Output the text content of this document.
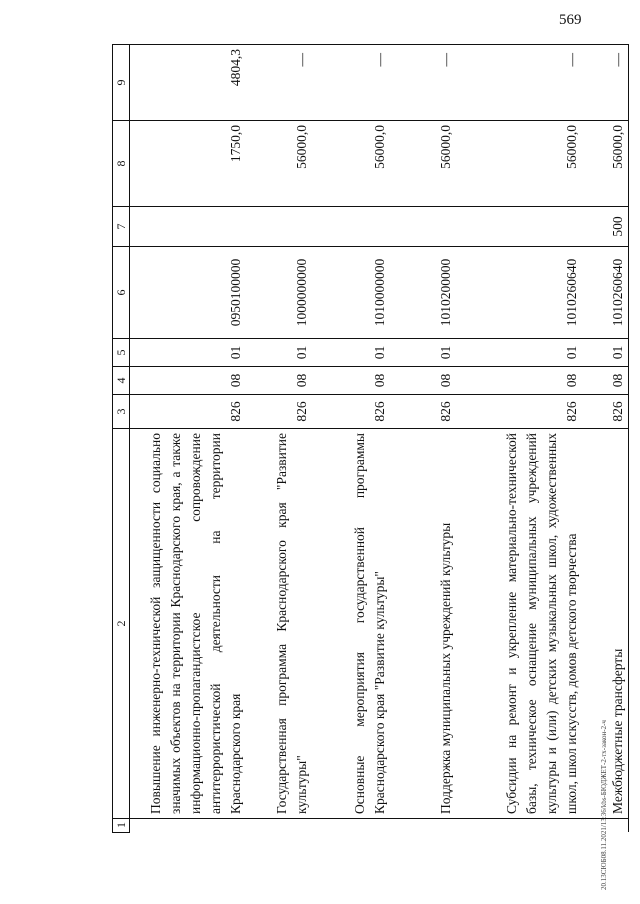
569
20.13СЮБ08.11.2021/13:36/kbs-БЮДЖЕТ-2-тх-закон-2-ч
1	2	3	4	5	6	7	8	9
	Повышение инженерно-технической защищенности социально значимых объектов на территории Краснодарского края, а также информационно-пропагандистское сопровождение антитеррористической деятельности на территории Краснодарского края	826	08	01	0950100000		1750,0	4804,3
	Государственная программа Краснодарского края "Развитие культуры"	826	08	01	1000000000		56000,0	—
	Основные мероприятия государственной программы Краснодарского края "Развитие культуры"	826	08	01	1010000000		56000,0	—
	Поддержка муниципальных учреждений культуры	826	08	01	1010200000		56000,0	—
	Субсидии на ремонт и укрепление материально-технической базы, техническое оснащение муниципальных учреждений культуры и (или) детских музыкальных школ, художественных школ, школ искусств, домов детского творчества	826	08	01	1010260640		56000,0	—
	Межбюджетные трансферты	826	08	01	1010260640	500	56000,0	—
